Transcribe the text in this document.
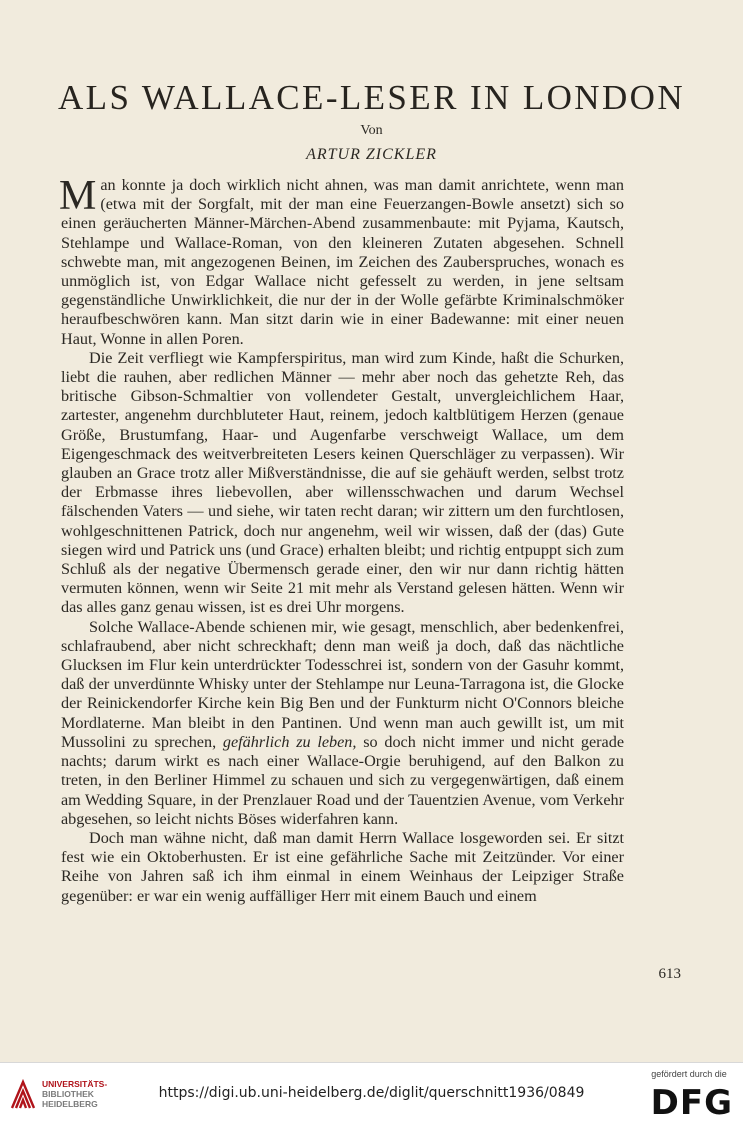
ALS WALLACE-LESER IN LONDON
Von
ARTUR ZICKLER

Man konnte ja doch wirklich nicht ahnen, was man damit anrichtete, wenn man (etwa mit der Sorgfalt, mit der man eine Feuerzangen-Bowle ansetzt) sich so einen geräucherten Männer-Märchen-Abend zusammenbaute: mit Pyjama, Kautsch, Stehlampe und Wallace-Roman, von den kleineren Zutaten abgesehen. Schnell schwebte man, mit angezogenen Beinen, im Zeichen des Zauberspruches, wonach es unmöglich ist, von Edgar Wallace nicht gefesselt zu werden, in jene seltsam gegenständliche Unwirklichkeit, die nur der in der Wolle gefärbte Kriminalschmöker heraufbeschwören kann. Man sitzt darin wie in einer Badewanne: mit einer neuen Haut, Wonne in allen Poren.

Die Zeit verfliegt wie Kampferspiritus, man wird zum Kinde, haßt die Schurken, liebt die rauhen, aber redlichen Männer — mehr aber noch das gehetzte Reh, das britische Gibson-Schmaltier von vollendeter Gestalt, unvergleichlichem Haar, zartester, angenehm durchbluteter Haut, reinem, jedoch kaltblütigem Herzen (genaue Größe, Brustumfang, Haar- und Augenfarbe verschweigt Wallace, um dem Eigengeschmack des weitverbreiteten Lesers keinen Querschläger zu verpassen). Wir glauben an Grace trotz aller Mißverständnisse, die auf sie gehäuft werden, selbst trotz der Erbmasse ihres liebevollen, aber willensschwachen und darum Wechsel fälschenden Vaters — und siehe, wir taten recht daran; wir zittern um den furchtlosen, wohlgeschnittenen Patrick, doch nur angenehm, weil wir wissen, daß der (das) Gute siegen wird und Patrick uns (und Grace) erhalten bleibt; und richtig entpuppt sich zum Schluß als der negative Übermensch gerade einer, den wir nur dann richtig hätten vermuten können, wenn wir Seite 21 mit mehr als Verstand gelesen hätten. Wenn wir das alles ganz genau wissen, ist es drei Uhr morgens.

Solche Wallace-Abende schienen mir, wie gesagt, menschlich, aber bedenkenfrei, schlafraubend, aber nicht schreckhaft; denn man weiß ja doch, daß das nächtliche Glucksen im Flur kein unterdrückter Todesschrei ist, sondern von der Gasuhr kommt, daß der unverdünnte Whisky unter der Stehlampe nur Leuna-Tarragona ist, die Glocke der Reinickendorfer Kirche kein Big Ben und der Funkturm nicht O'Connors bleiche Mordlaterne. Man bleibt in den Pantinen. Und wenn man auch gewillt ist, um mit Mussolini zu sprechen, gefährlich zu leben, so doch nicht immer und nicht gerade nachts; darum wirkt es nach einer Wallace-Orgie beruhigend, auf den Balkon zu treten, in den Berliner Himmel zu schauen und sich zu vergegenwärtigen, daß einem am Wedding Square, in der Prenzlauer Road und der Tauentzien Avenue, vom Verkehr abgesehen, so leicht nichts Böses widerfahren kann.

Doch man wähne nicht, daß man damit Herrn Wallace losgeworden sei. Er sitzt fest wie ein Oktoberhusten. Er ist eine gefährliche Sache mit Zeitzünder. Vor einer Reihe von Jahren saß ich ihm einmal in einem Weinhaus der Leipziger Straße gegenüber: er war ein wenig auffälliger Herr mit einem Bauch und einem

613
UNIVERSITÄTS-
BIBLIOTHEK
HEIDELBERG
https://digi.ub.uni-heidelberg.de/diglit/querschnitt1936/0849
gefördert durch die
DFG
